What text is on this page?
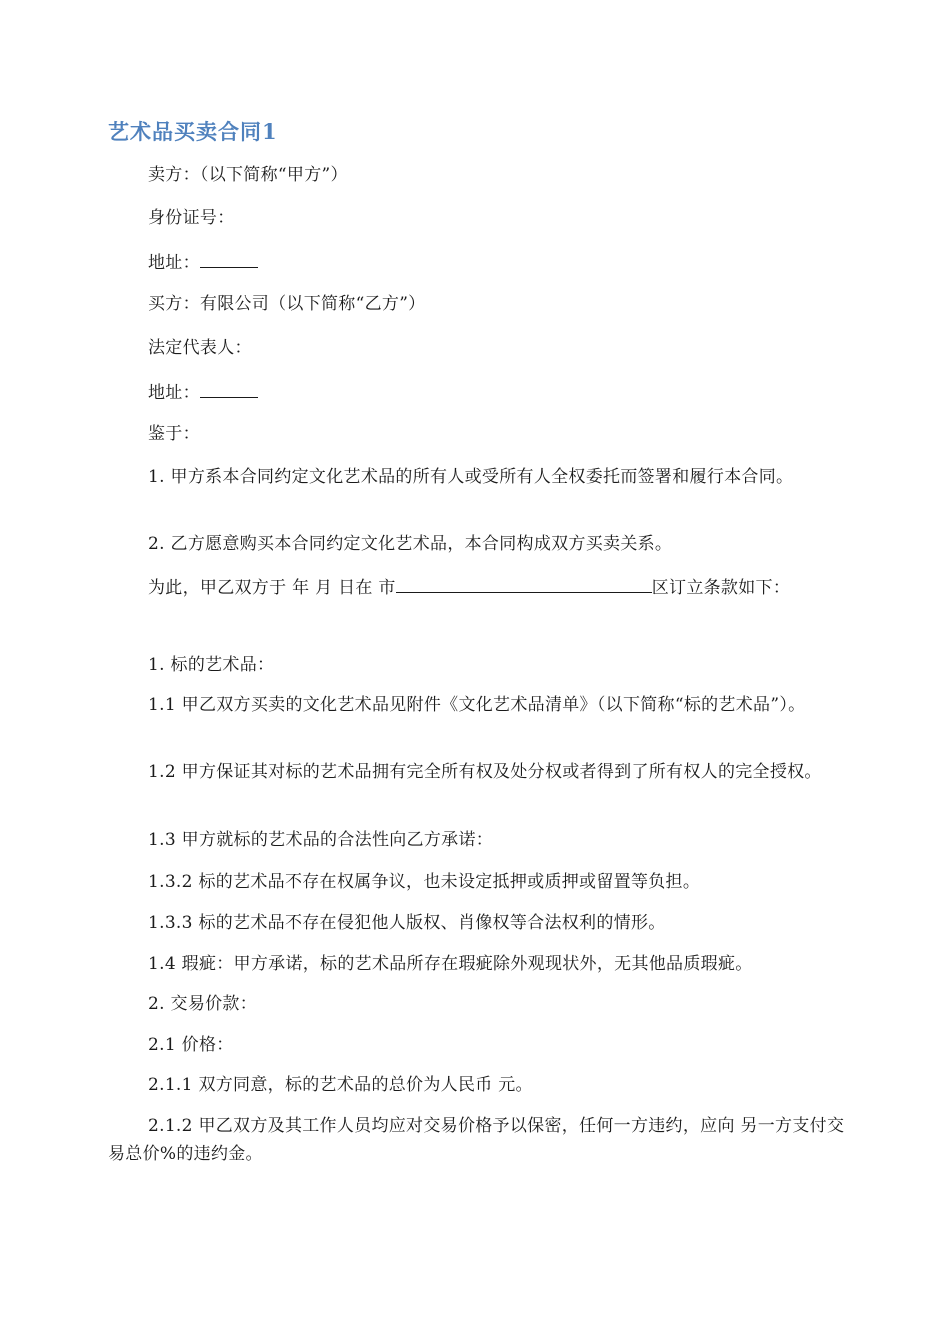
艺术品买卖合同1

卖方：（以下简称“甲方”）

身份证号：

地址：

买方：有限公司（以下简称“乙方”）

法定代表人：

地址：

鉴于：

1. 甲方系本合同约定文化艺术品的所有人或受所有人全权委托而签署和履行本合同。

2. 乙方愿意购买本合同约定文化艺术品，本合同构成双方买卖关系。

为此，甲乙双方于 年 月 日在 市	区订立条款如下：

1. 标的艺术品：

1.1 甲乙双方买卖的文化艺术品见附件《文化艺术品清单》（以下简称“标的艺术品”）。

1.2 甲方保证其对标的艺术品拥有完全所有权及处分权或者得到了所有权人的完全授权。

1.3 甲方就标的艺术品的合法性向乙方承诺：

1.3.2 标的艺术品不存在权属争议，也未设定抵押或质押或留置等负担。

1.3.3 标的艺术品不存在侵犯他人版权、肖像权等合法权利的情形。

1.4 瑕疵：甲方承诺，标的艺术品所存在瑕疵除外观现状外，无其他品质瑕疵。

2. 交易价款：

2.1 价格：

2.1.1 双方同意，标的艺术品的总价为人民币 元。

2.1.2 甲乙双方及其工作人员均应对交易价格予以保密，任何一方违约，应向 另一方支付交易总价%的违约金。
